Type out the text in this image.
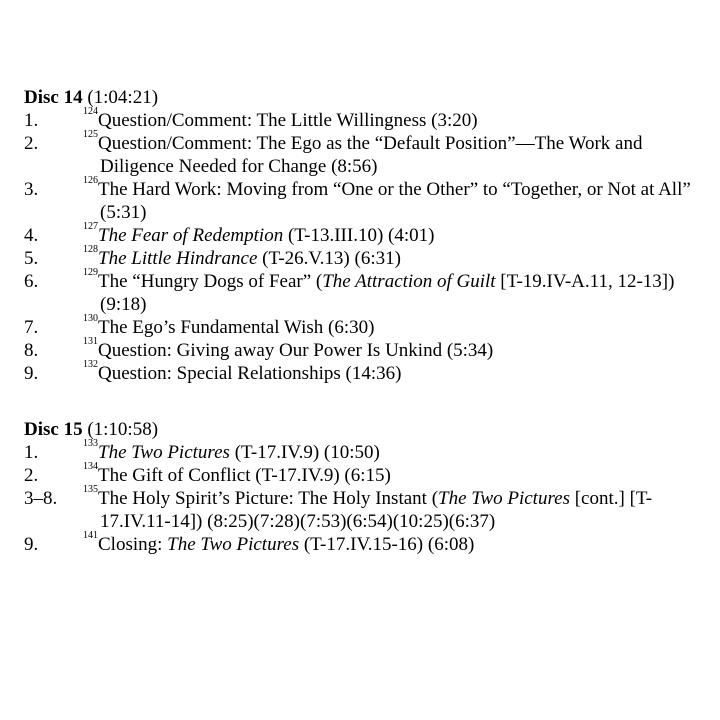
Disc 14 (1:04:21)
1.	$^{124}$Question/Comment: The Little Willingness (3:20)
2.	$^{125}$Question/Comment: The Ego as the “Default Position”—The Work and Diligence Needed for Change (8:56)
3.	$^{126}$The Hard Work: Moving from “One or the Other” to “Together, or Not at All” (5:31)
4.	$^{127}$The Fear of Redemption (T-13.III.10) (4:01)
5.	$^{128}$The Little Hindrance (T-26.V.13) (6:31)
6.	$^{129}$The “Hungry Dogs of Fear” (The Attraction of Guilt [T-19.IV-A.11, 12-13]) (9:18)
7.	$^{130}$The Ego’s Fundamental Wish (6:30)
8.	$^{131}$Question: Giving away Our Power Is Unkind (5:34)
9.	$^{132}$Question: Special Relationships (14:36)
Disc 15 (1:10:58)
1.	$^{133}$The Two Pictures (T-17.IV.9) (10:50)
2.	$^{134}$The Gift of Conflict (T-17.IV.9) (6:15)
3–8.	$^{135}$The Holy Spirit’s Picture: The Holy Instant (The Two Pictures [cont.] [T-17.IV.11-14]) (8:25)(7:28)(7:53)(6:54)(10:25)(6:37)
9.	$^{141}$Closing: The Two Pictures (T-17.IV.15-16) (6:08)
